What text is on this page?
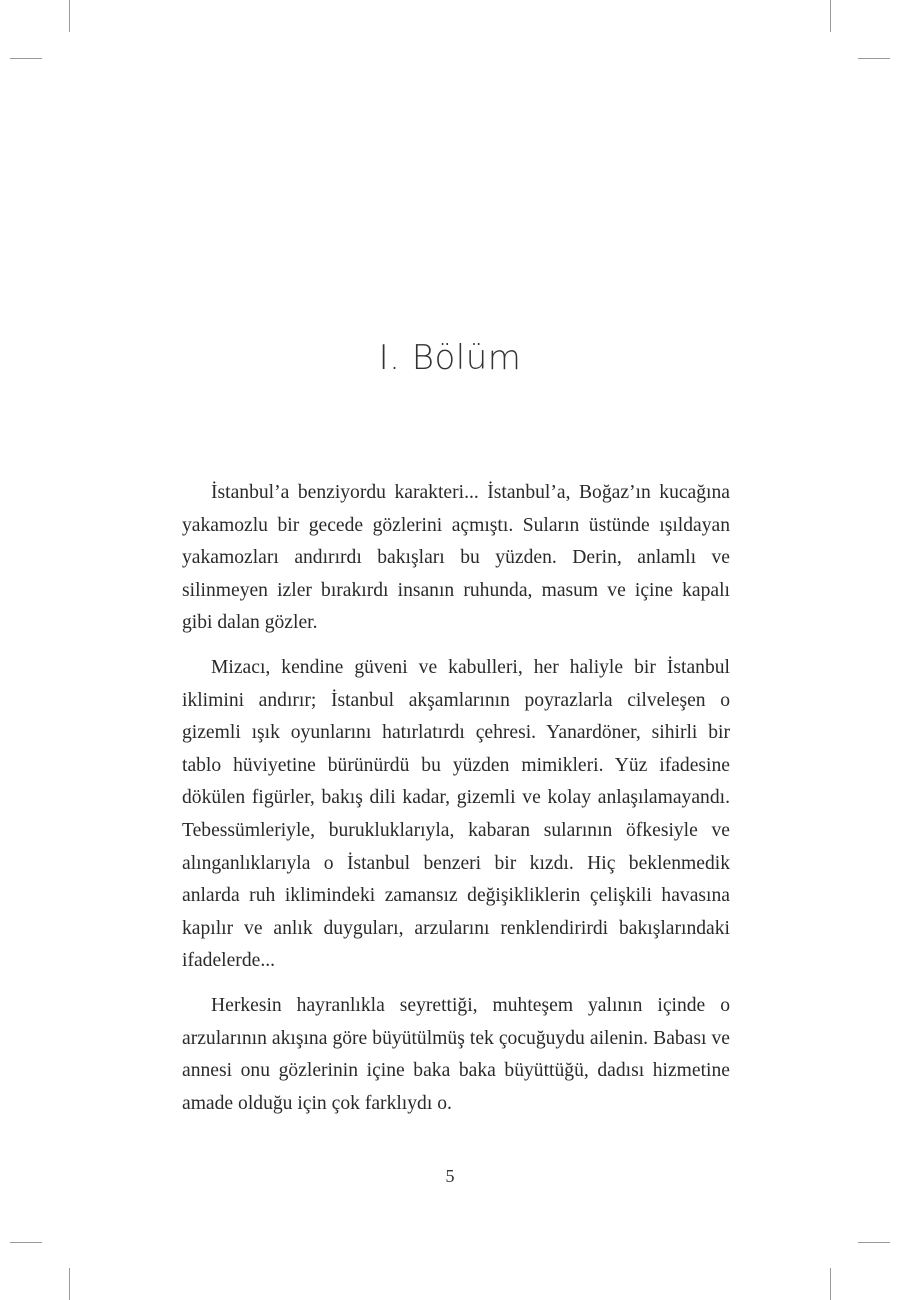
I. Bölüm

İstanbul’a benziyordu karakteri... İstanbul’a, Boğaz’ın kucağına yakamozlu bir gecede gözlerini açmıştı. Suların üstünde ışıldayan yakamozları andırırdı bakışları bu yüzden. Derin, anlamlı ve silinmeyen izler bırakırdı insanın ruhunda, masum ve içine kapalı gibi dalan gözler.

Mizacı, kendine güveni ve kabulleri, her haliyle bir İstanbul iklimini andırır; İstanbul akşamlarının poyrazlarla cilveleşen o gizemli ışık oyunlarını hatırlatırdı çehresi. Yanardöner, sihirli bir tablo hüviyetine bürünürdü bu yüzden mimikleri. Yüz ifadesine dökülen figürler, bakış dili kadar, gizemli ve kolay anlaşılamayandı. Tebessümleriyle, burukluklarıyla, kabaran sularının öfkesiyle ve alınganlıklarıyla o İstanbul benzeri bir kızdı. Hiç beklenmedik anlarda ruh iklimindeki zamansız değişikliklerin çelişkili havasına kapılır ve anlık duyguları, arzularını renklendirirdi bakışlarındaki ifadelerde...

Herkesin hayranlıkla seyrettiği, muhteşem yalının içinde o arzularının akışına göre büyütülmüş tek çocuğuydu ailenin. Babası ve annesi onu gözlerinin içine baka baka büyüttüğü, dadısı hizmetine amade olduğu için çok farklıydı o.

5
